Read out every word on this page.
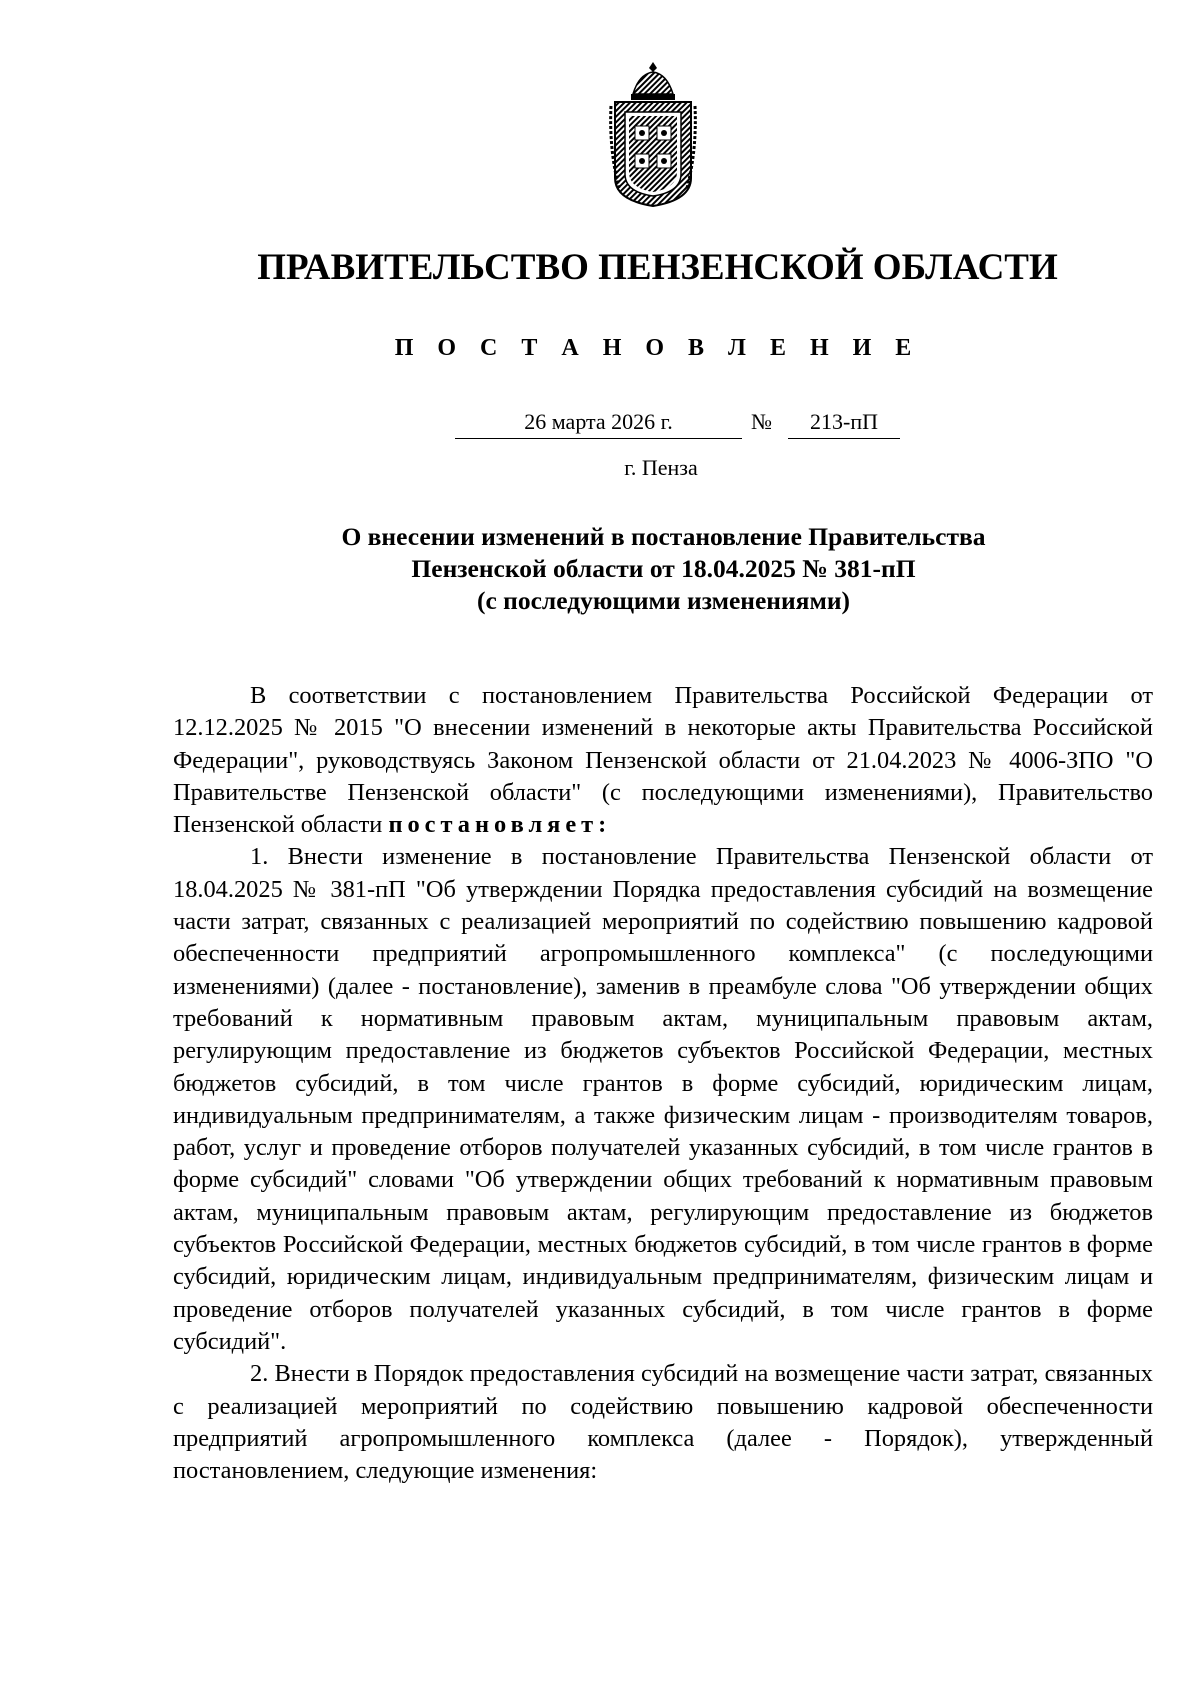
ПРАВИТЕЛЬСТВО ПЕНЗЕНСКОЙ ОБЛАСТИ
П О С Т А Н О В Л Е Н И Е
26 марта 2026 г.	№	213-пП
г. Пенза
О внесении изменений в постановление Правительства
Пензенской области от 18.04.2025 № 381-пП
(с последующими изменениями)

В соответствии с постановлением Правительства Российской Федерации от 12.12.2025 № 2015 "О внесении изменений в некоторые акты Правительства Российской Федерации", руководствуясь Законом Пензенской области от 21.04.2023 № 4006-ЗПО "О Правительстве Пензенской области" (с последующими изменениями), Правительство Пензенской области постановляет:

1. Внести изменение в постановление Правительства Пензенской области от 18.04.2025 № 381-пП "Об утверждении Порядка предоставления субсидий на возмещение части затрат, связанных с реализацией мероприятий по содействию повышению кадровой обеспеченности предприятий агропромышленного комплекса" (с последующими изменениями) (далее - постановление), заменив в преамбуле слова "Об утверждении общих требований к нормативным правовым актам, муниципальным правовым актам, регулирующим предоставление из бюджетов субъектов Российской Федерации, местных бюджетов субсидий, в том числе грантов в форме субсидий, юридическим лицам, индивидуальным предпринимателям, а также физическим лицам - производителям товаров, работ, услуг и проведение отборов получателей указанных субсидий, в том числе грантов в форме субсидий" словами "Об утверждении общих требований к нормативным правовым актам, муниципальным правовым актам, регулирующим предоставление из бюджетов субъектов Российской Федерации, местных бюджетов субсидий, в том числе грантов в форме субсидий, юридическим лицам, индивидуальным предпринимателям, физическим лицам и проведение отборов получателей указанных субсидий, в том числе грантов в форме субсидий".

2. Внести в Порядок предоставления субсидий на возмещение части затрат, связанных с реализацией мероприятий по содействию повышению кадровой обеспеченности предприятий агропромышленного комплекса (далее - Порядок), утвержденный постановлением, следующие изменения:
